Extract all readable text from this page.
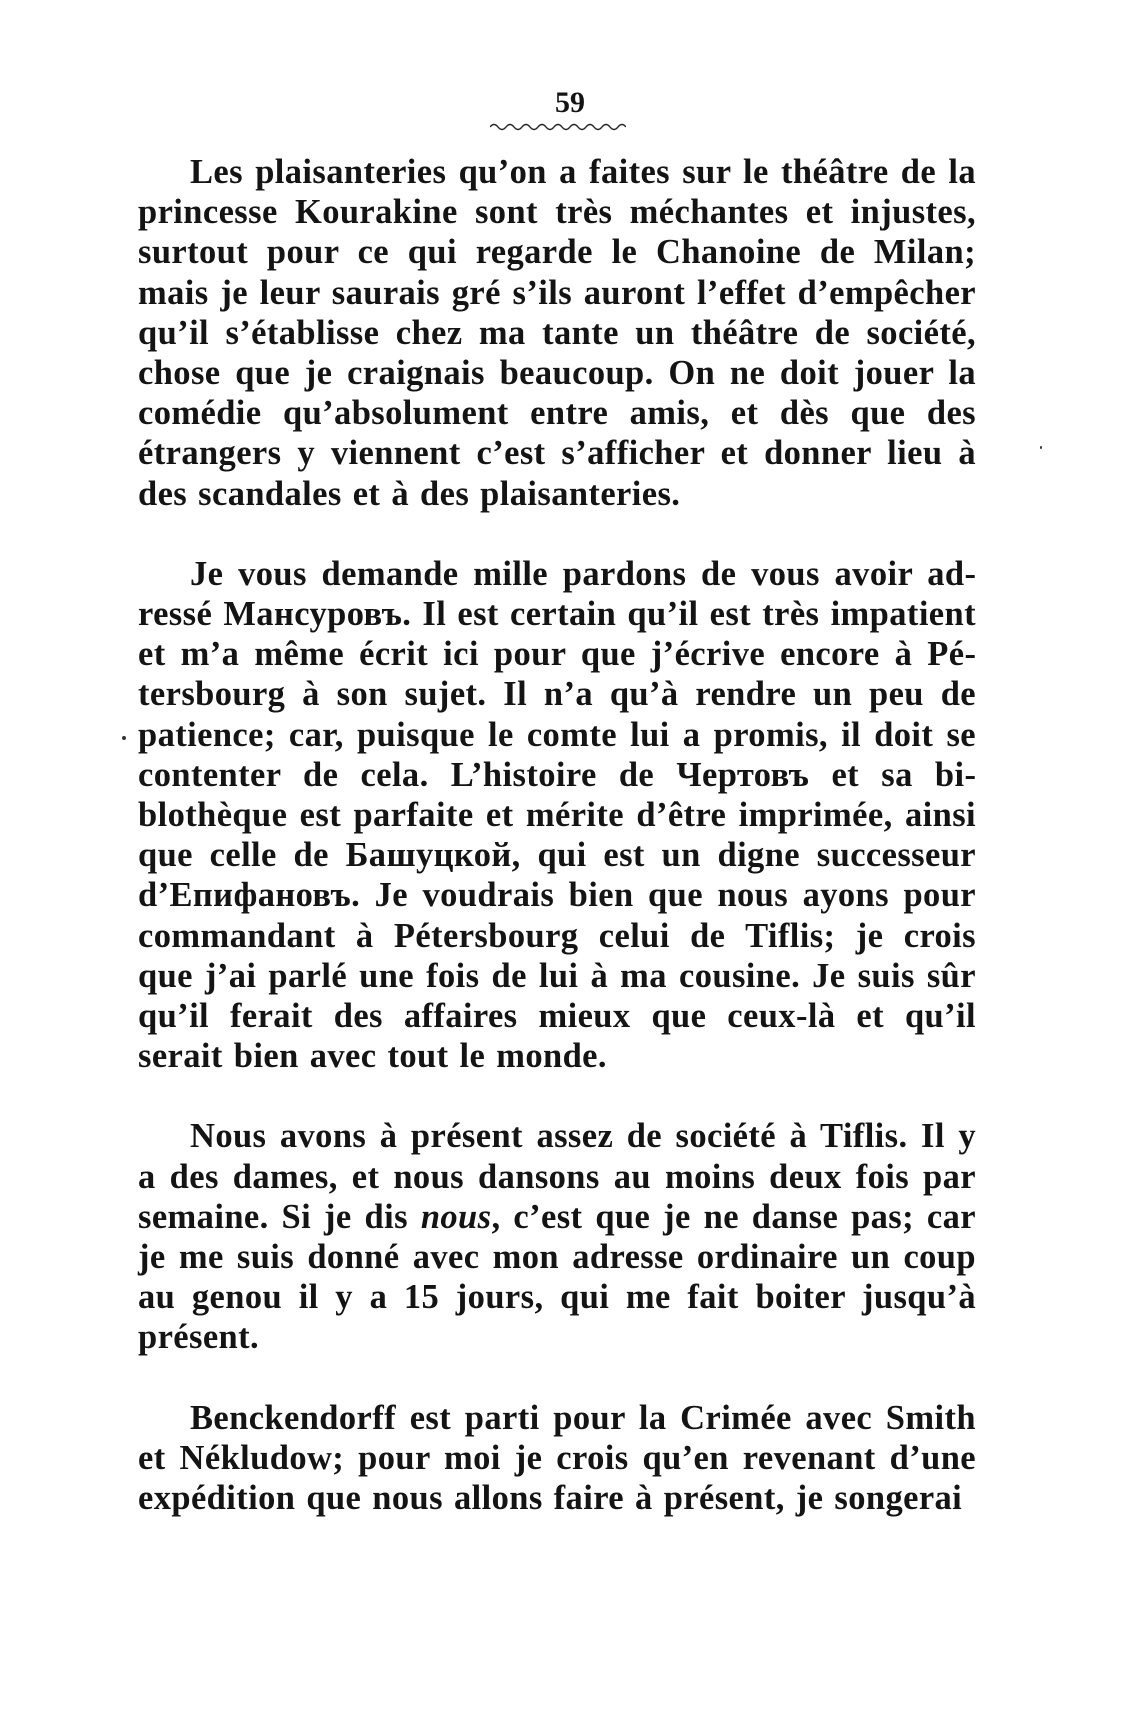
59

Les plaisanteries qu’on a faites sur le théâtre de la princesse Kourakine sont très méchantes et injustes, surtout pour ce qui regarde le Chanoine de Milan; mais je leur saurais gré s’ils auront l’effet d’empêcher qu’il s’établisse chez ma tante un théâtre de société, chose que je craignais beaucoup. On ne doit jouer la comédie qu’absolument entre amis, et dès que des étrangers y viennent c’est s’afficher et donner lieu à des scandales et à des plaisanteries.

Je vous demande mille pardons de vous avoir adressé Мансуровъ. Il est certain qu’il est très impatient et m’a même écrit ici pour que j’écrive encore à Pétersbourg à son sujet. Il n’a qu’à rendre un peu de patience; car, puisque le comte lui a promis, il doit se contenter de cela. L’histoire de Чертовъ et sa biblothèque est parfaite et mérite d’être imprimée, ainsi que celle de Башуцкой, qui est un digne successeur d’Епифановъ. Je voudrais bien que nous ayons pour commandant à Pétersbourg celui de Tiflis; je crois que j’ai parlé une fois de lui à ma cousine. Je suis sûr qu’il ferait des affaires mieux que ceux-là et qu’il serait bien avec tout le monde.

Nous avons à présent assez de société à Tiflis. Il y a des dames, et nous dansons au moins deux fois par semaine. Si je dis nous, c’est que je ne danse pas; car je me suis donné avec mon adresse ordinaire un coup au genou il y a 15 jours, qui me fait boiter jusqu’à présent.

Benckendorff est parti pour la Crimée avec Smith et Nékludow; pour moi je crois qu’en revenant d’une expédition que nous allons faire à présent, je songerai
